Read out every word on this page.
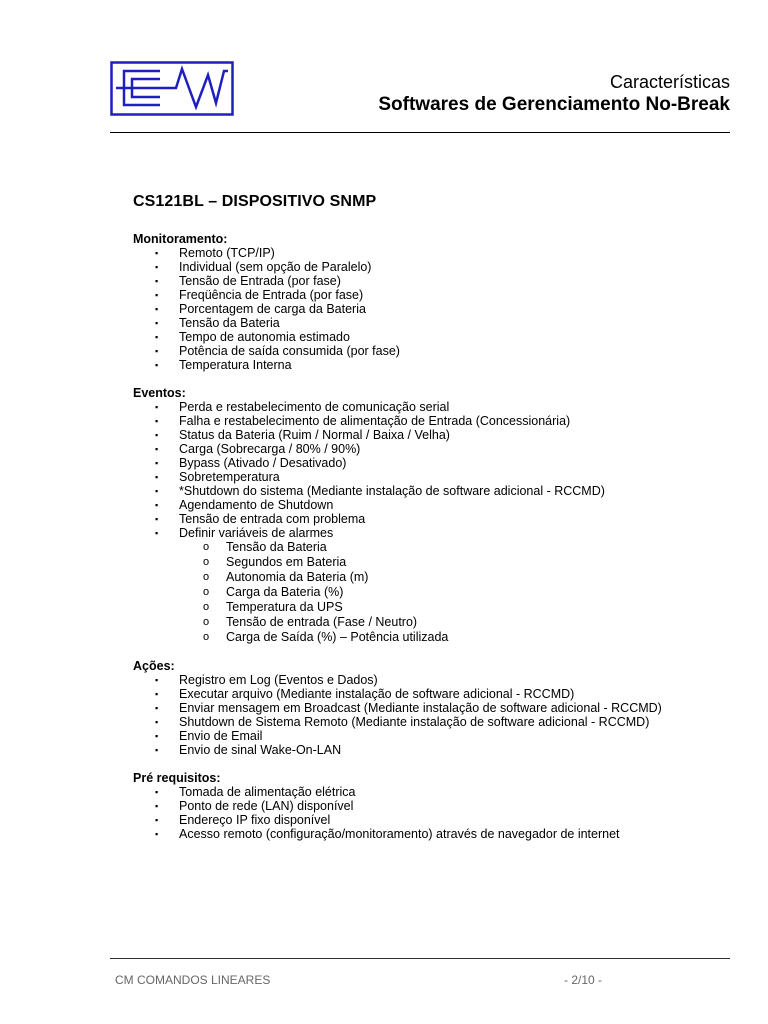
Características
Softwares de Gerenciamento No-Break
CS121BL – DISPOSITIVO SNMP
Monitoramento:
▪ Remoto (TCP/IP)
▪ Individual (sem opção de Paralelo)
▪ Tensão de Entrada (por fase)
▪ Freqüência de Entrada (por fase)
▪ Porcentagem de carga da Bateria
▪ Tensão da Bateria
▪ Tempo de autonomia estimado
▪ Potência de saída consumida (por fase)
▪ Temperatura Interna
Eventos:
▪ Perda e restabelecimento de comunicação serial
▪ Falha e restabelecimento de alimentação de Entrada (Concessionária)
▪ Status da Bateria (Ruim / Normal / Baixa / Velha)
▪ Carga (Sobrecarga / 80% / 90%)
▪ Bypass (Ativado / Desativado)
▪ Sobretemperatura
▪ *Shutdown do sistema (Mediante instalação de software adicional - RCCMD)
▪ Agendamento de Shutdown
▪ Tensão de entrada com problema
▪ Definir variáveis de alarmes
o Tensão da Bateria
o Segundos em Bateria
o Autonomia da Bateria (m)
o Carga da Bateria (%)
o Temperatura da UPS
o Tensão de entrada (Fase / Neutro)
o Carga de Saída (%) – Potência utilizada
Ações:
▪ Registro em Log (Eventos e Dados)
▪ Executar arquivo (Mediante instalação de software adicional - RCCMD)
▪ Enviar mensagem em Broadcast (Mediante instalação de software adicional - RCCMD)
▪ Shutdown de Sistema Remoto (Mediante instalação de software adicional - RCCMD)
▪ Envio de Email
▪ Envio de sinal Wake-On-LAN
Pré requisitos:
▪ Tomada de alimentação elétrica
▪ Ponto de rede (LAN) disponível
▪ Endereço IP fixo disponível
▪ Acesso remoto (configuração/monitoramento) através de navegador de internet
CM COMANDOS LINEARES	- 2/10 -
